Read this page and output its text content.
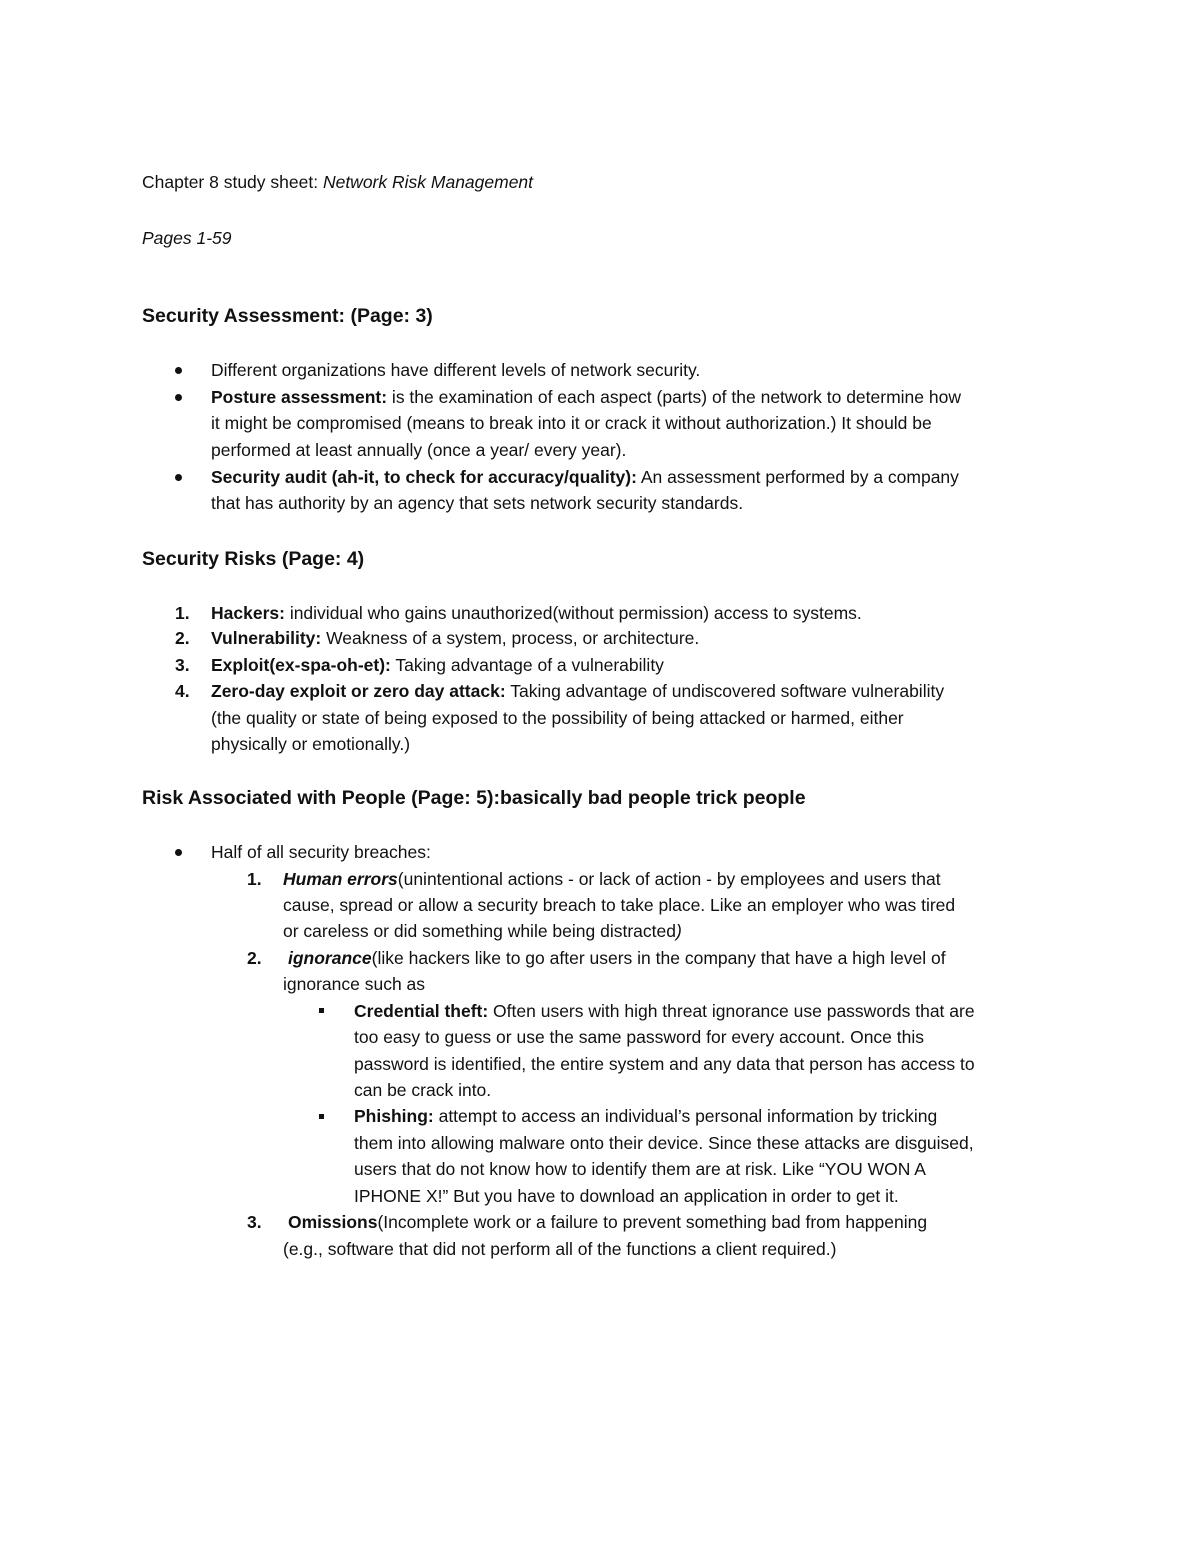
Chapter 8 study sheet: Network Risk Management
Pages 1-59
Security Assessment: (Page: 3)
Different organizations have different levels of network security.
Posture assessment: is the examination of each aspect (parts) of the network to determine how
it might be compromised (means to break into it or crack it without authorization.) It should be
performed at least annually (once a year/ every year).
Security audit (ah-it, to check for accuracy/quality): An assessment performed by a company
that has authority by an agency that sets network security standards.
Security Risks (Page: 4)
1. Hackers: individual who gains unauthorized(without permission) access to systems.
2. Vulnerability: Weakness of a system, process, or architecture.
3. Exploit(ex-spa-oh-et): Taking advantage of a vulnerability
4. Zero-day exploit or zero day attack: Taking advantage of undiscovered software vulnerability
(the quality or state of being exposed to the possibility of being attacked or harmed, either
physically or emotionally.)
Risk Associated with People (Page: 5):basically bad people trick people
Half of all security breaches:
1. Human errors(unintentional actions - or lack of action - by employees and users that
cause, spread or allow a security breach to take place. Like an employer who was tired
or careless or did something while being distracted)
2. ignorance(like hackers like to go after users in the company that have a high level of
ignorance such as
Credential theft: Often users with high threat ignorance use passwords that are
too easy to guess or use the same password for every account. Once this
password is identified, the entire system and any data that person has access to
can be crack into.
Phishing: attempt to access an individual’s personal information by tricking
them into allowing malware onto their device. Since these attacks are disguised,
users that do not know how to identify them are at risk. Like “YOU WON A
IPHONE X!” But you have to download an application in order to get it.
3. Omissions(Incomplete work or a failure to prevent something bad from happening
(e.g., software that did not perform all of the functions a client required.)
